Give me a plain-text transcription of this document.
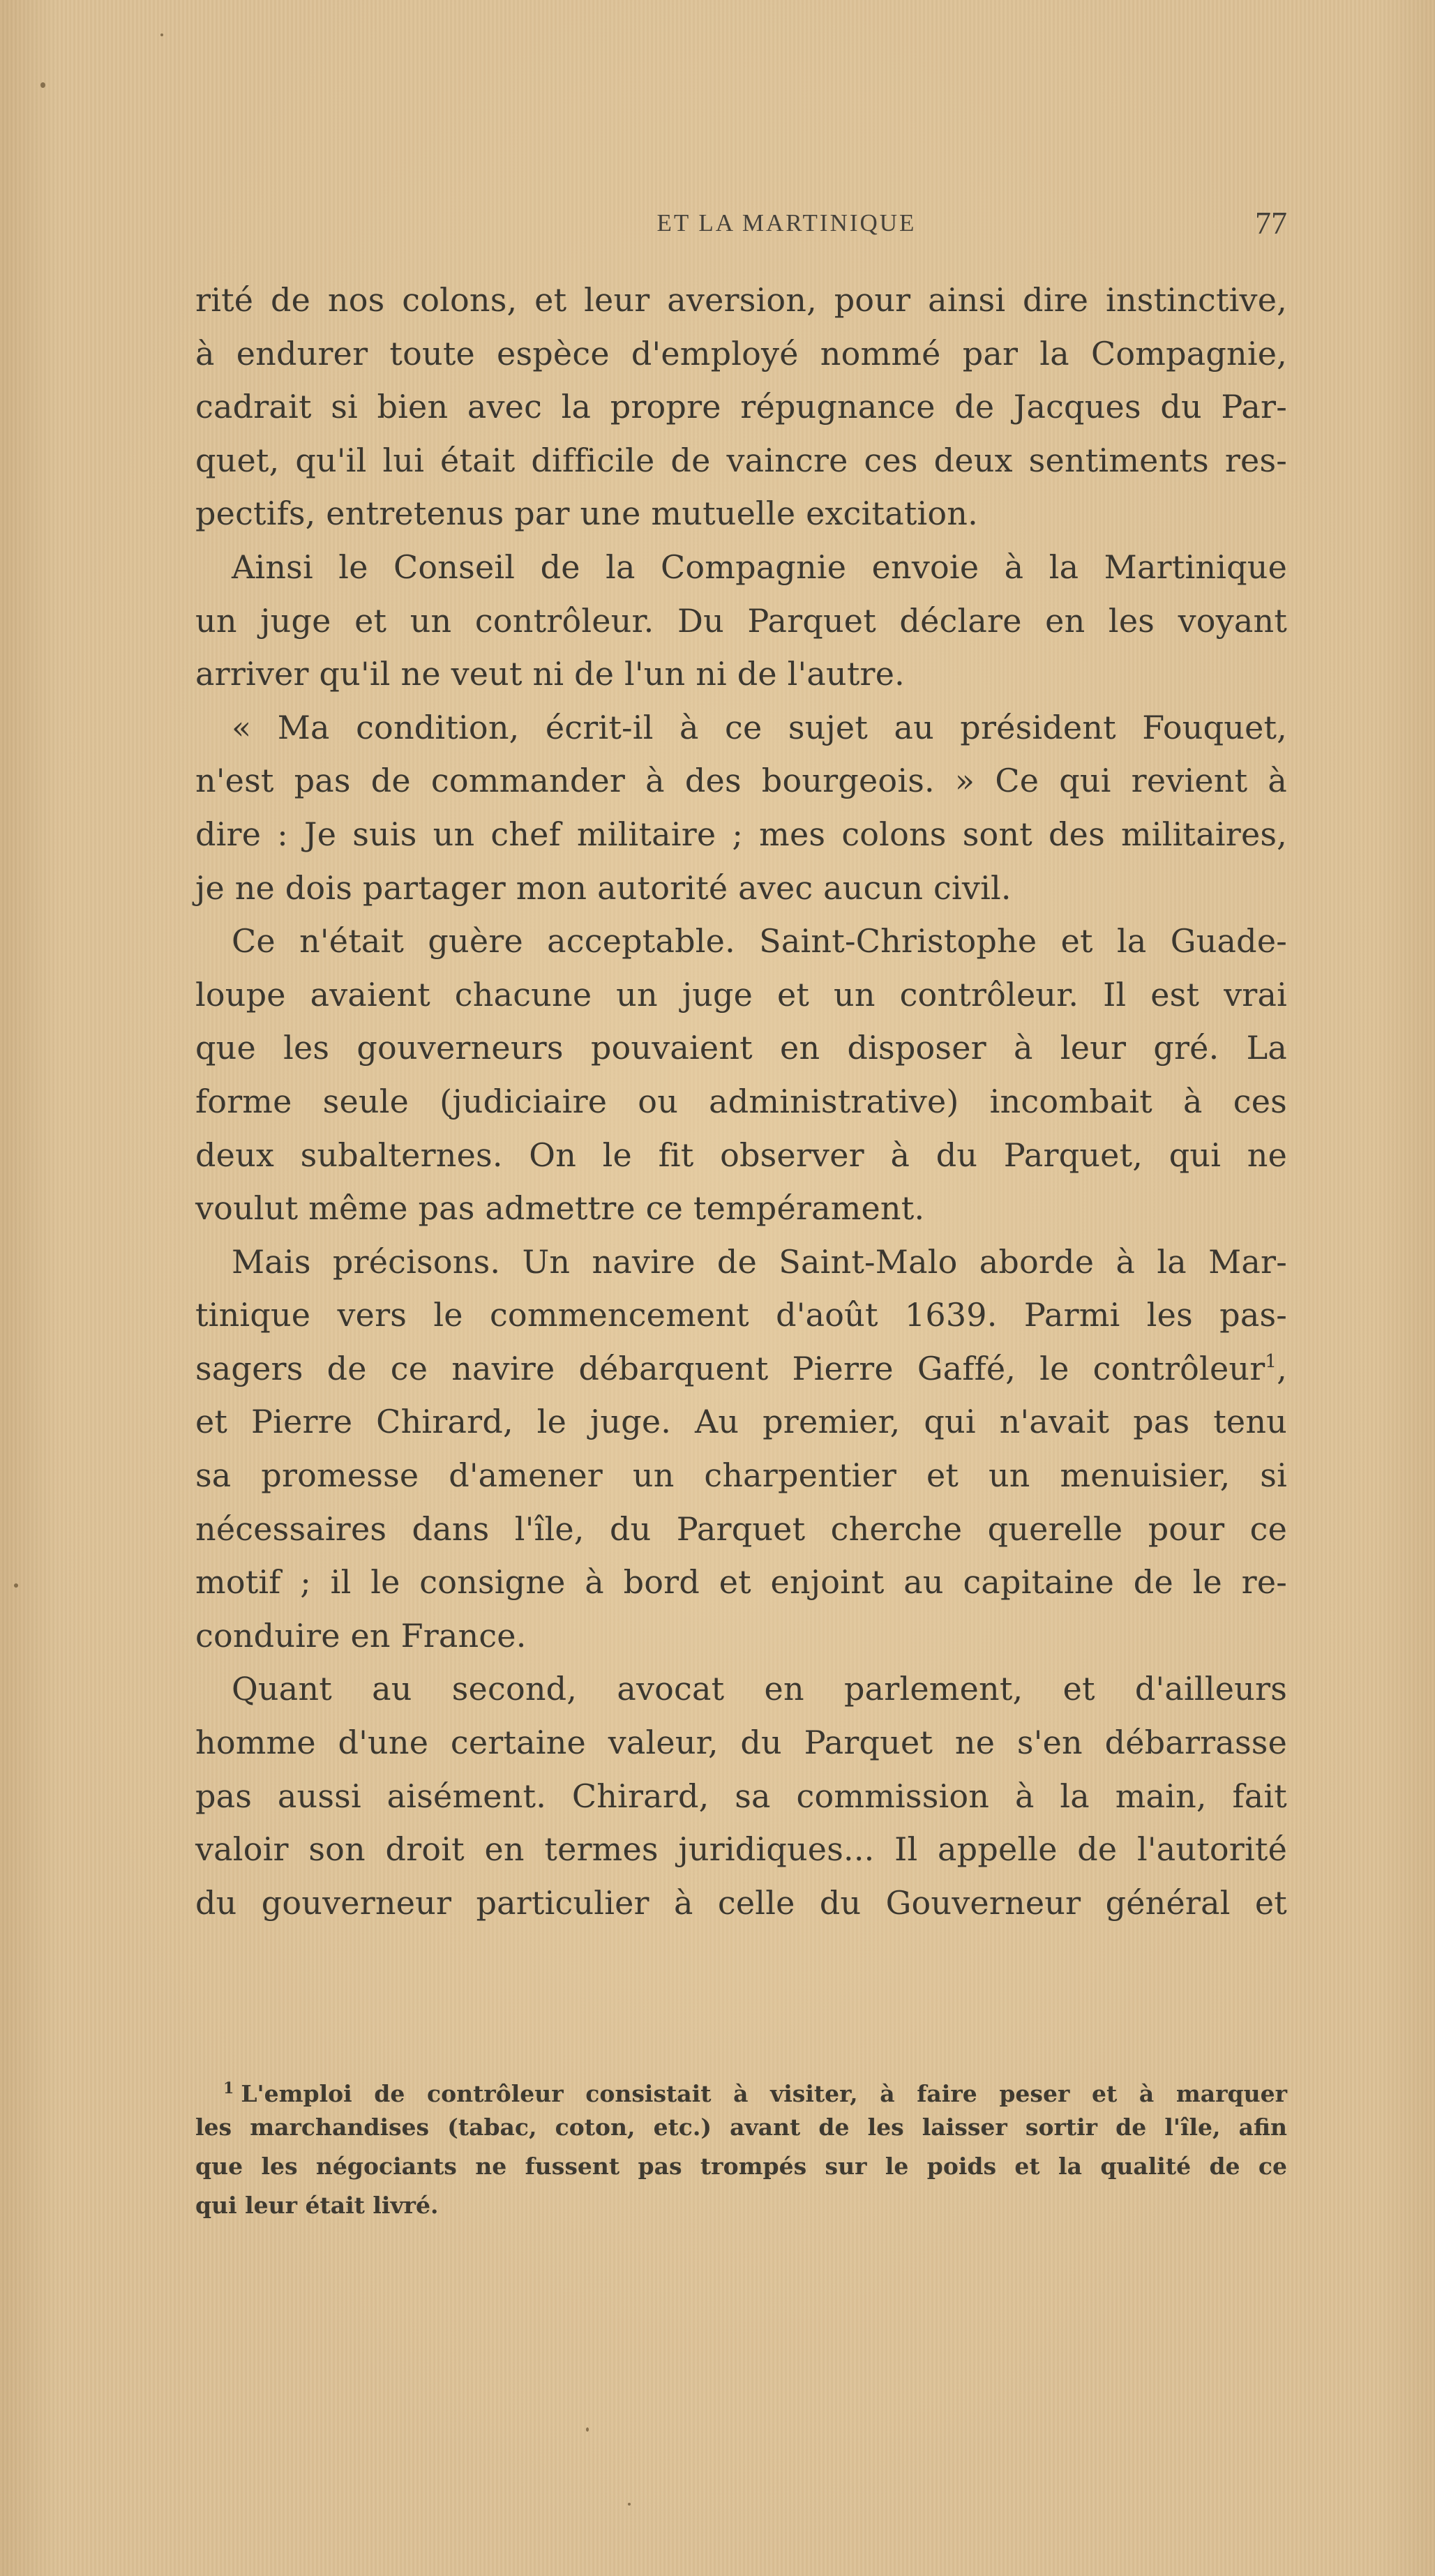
ET LA MARTINIQUE	77
rité de nos colons, et leur aversion, pour ainsi dire instinctive,
à endurer toute espèce d'employé nommé par la Compagnie,
cadrait si bien avec la propre répugnance de Jacques du Par-
quet, qu'il lui était difficile de vaincre ces deux sentiments res-
pectifs, entretenus par une mutuelle excitation.
Ainsi le Conseil de la Compagnie envoie à la Martinique
un juge et un contrôleur. Du Parquet déclare en les voyant
arriver qu'il ne veut ni de l'un ni de l'autre.
« Ma condition, écrit-il à ce sujet au président Fouquet,
n'est pas de commander à des bourgeois. » Ce qui revient à
dire : Je suis un chef militaire ; mes colons sont des militaires,
je ne dois partager mon autorité avec aucun civil.
Ce n'était guère acceptable. Saint-Christophe et la Guade-
loupe avaient chacune un juge et un contrôleur. Il est vrai
que les gouverneurs pouvaient en disposer à leur gré. La
forme seule (judiciaire ou administrative) incombait à ces
deux subalternes. On le fit observer à du Parquet, qui ne
voulut même pas admettre ce tempérament.
Mais précisons. Un navire de Saint-Malo aborde à la Mar-
tinique vers le commencement d'août 1639. Parmi les pas-
sagers de ce navire débarquent Pierre Gaffé, le contrôleur$^1$,
et Pierre Chirard, le juge. Au premier, qui n'avait pas tenu
sa promesse d'amener un charpentier et un menuisier, si
nécessaires dans l'île, du Parquet cherche querelle pour ce
motif ; il le consigne à bord et enjoint au capitaine de le re-
conduire en France.
Quant au second, avocat en parlement, et d'ailleurs
homme d'une certaine valeur, du Parquet ne s'en débarrasse
pas aussi aisément. Chirard, sa commission à la main, fait
valoir son droit en termes juridiques... Il appelle de l'autorité
du gouverneur particulier à celle du Gouverneur général et
$^1$ L'emploi de contrôleur consistait à visiter, à faire peser et à marquer
les marchandises (tabac, coton, etc.) avant de les laisser sortir de l'île, afin
que les négociants ne fussent pas trompés sur le poids et la qualité de ce
qui leur était livré.
